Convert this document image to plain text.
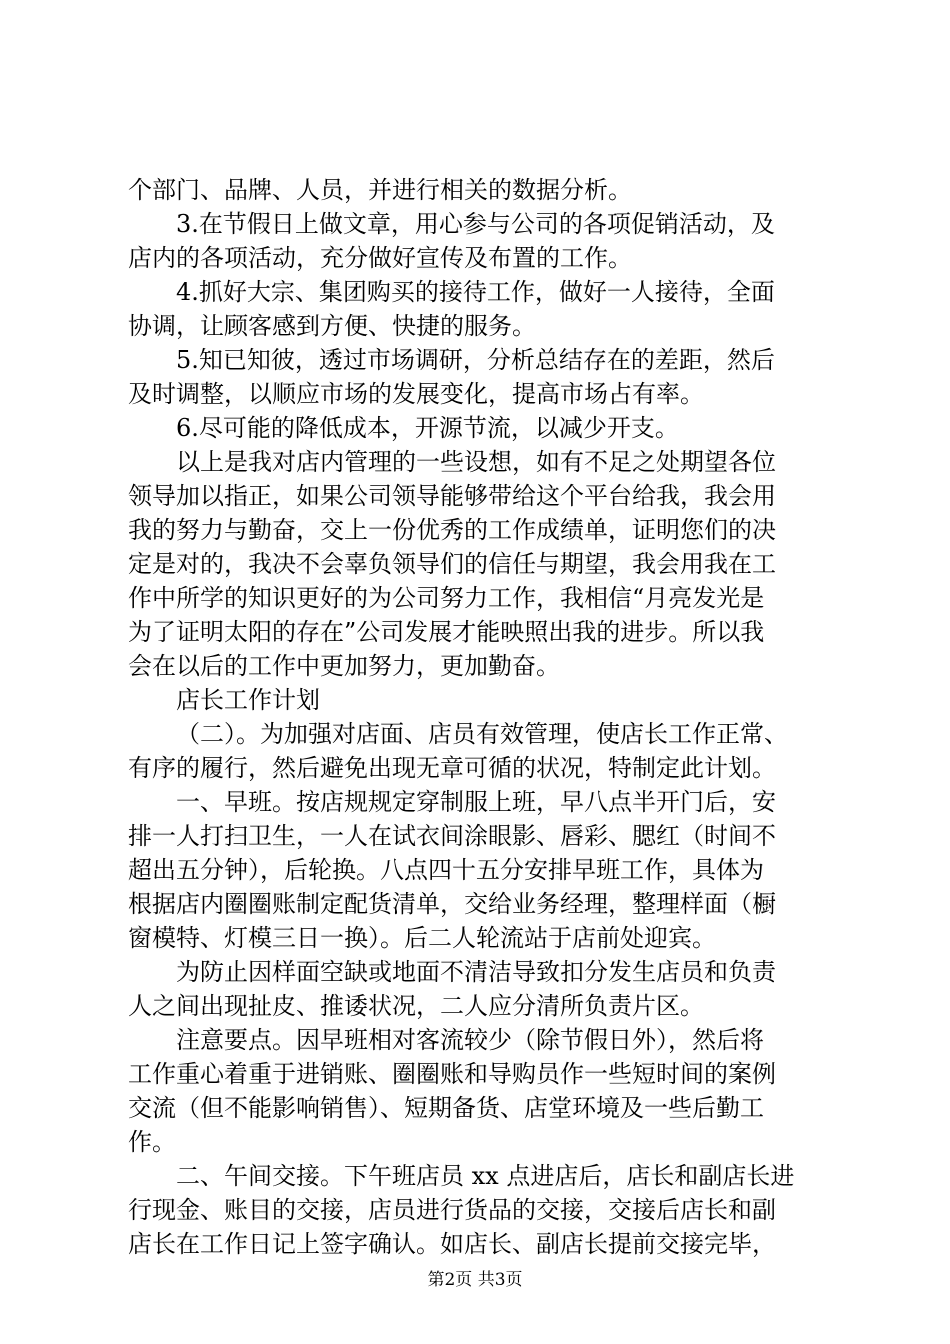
个部门、品牌、人员，并进行相关的数据分析。
3.在节假日上做文章，用心参与公司的各项促销活动，及
店内的各项活动，充分做好宣传及布置的工作。
4.抓好大宗、集团购买的接待工作，做好一人接待，全面
协调，让顾客感到方便、快捷的服务。
5.知已知彼，透过市场调研，分析总结存在的差距，然后
及时调整，以顺应市场的发展变化，提高市场占有率。
6.尽可能的降低成本，开源节流，以减少开支。
以上是我对店内管理的一些设想，如有不足之处期望各位
领导加以指正，如果公司领导能够带给这个平台给我，我会用
我的努力与勤奋，交上一份优秀的工作成绩单，证明您们的决
定是对的，我决不会辜负领导们的信任与期望，我会用我在工
作中所学的知识更好的为公司努力工作，我相信“月亮发光是
为了证明太阳的存在”公司发展才能映照出我的进步。所以我
会在以后的工作中更加努力，更加勤奋。
店长工作计划
（二）。为加强对店面、店员有效管理，使店长工作正常、
有序的履行，然后避免出现无章可循的状况，特制定此计划。
一、早班。按店规规定穿制服上班，早八点半开门后，安
排一人打扫卫生，一人在试衣间涂眼影、唇彩、腮红（时间不
超出五分钟），后轮换。八点四十五分安排早班工作，具体为
根据店内圈圈账制定配货清单，交给业务经理，整理样面（橱
窗模特、灯模三日一换）。后二人轮流站于店前处迎宾。
为防止因样面空缺或地面不清洁导致扣分发生店员和负责
人之间出现扯皮、推诿状况，二人应分清所负责片区。
注意要点。因早班相对客流较少（除节假日外），然后将
工作重心着重于进销账、圈圈账和导购员作一些短时间的案例
交流（但不能影响销售）、短期备货、店堂环境及一些后勤工
作。
二、午间交接。下午班店员 xx 点进店后，店长和副店长进
行现金、账目的交接，店员进行货品的交接，交接后店长和副
店长在工作日记上签字确认。如店长、副店长提前交接完毕，
第2页 共3页
